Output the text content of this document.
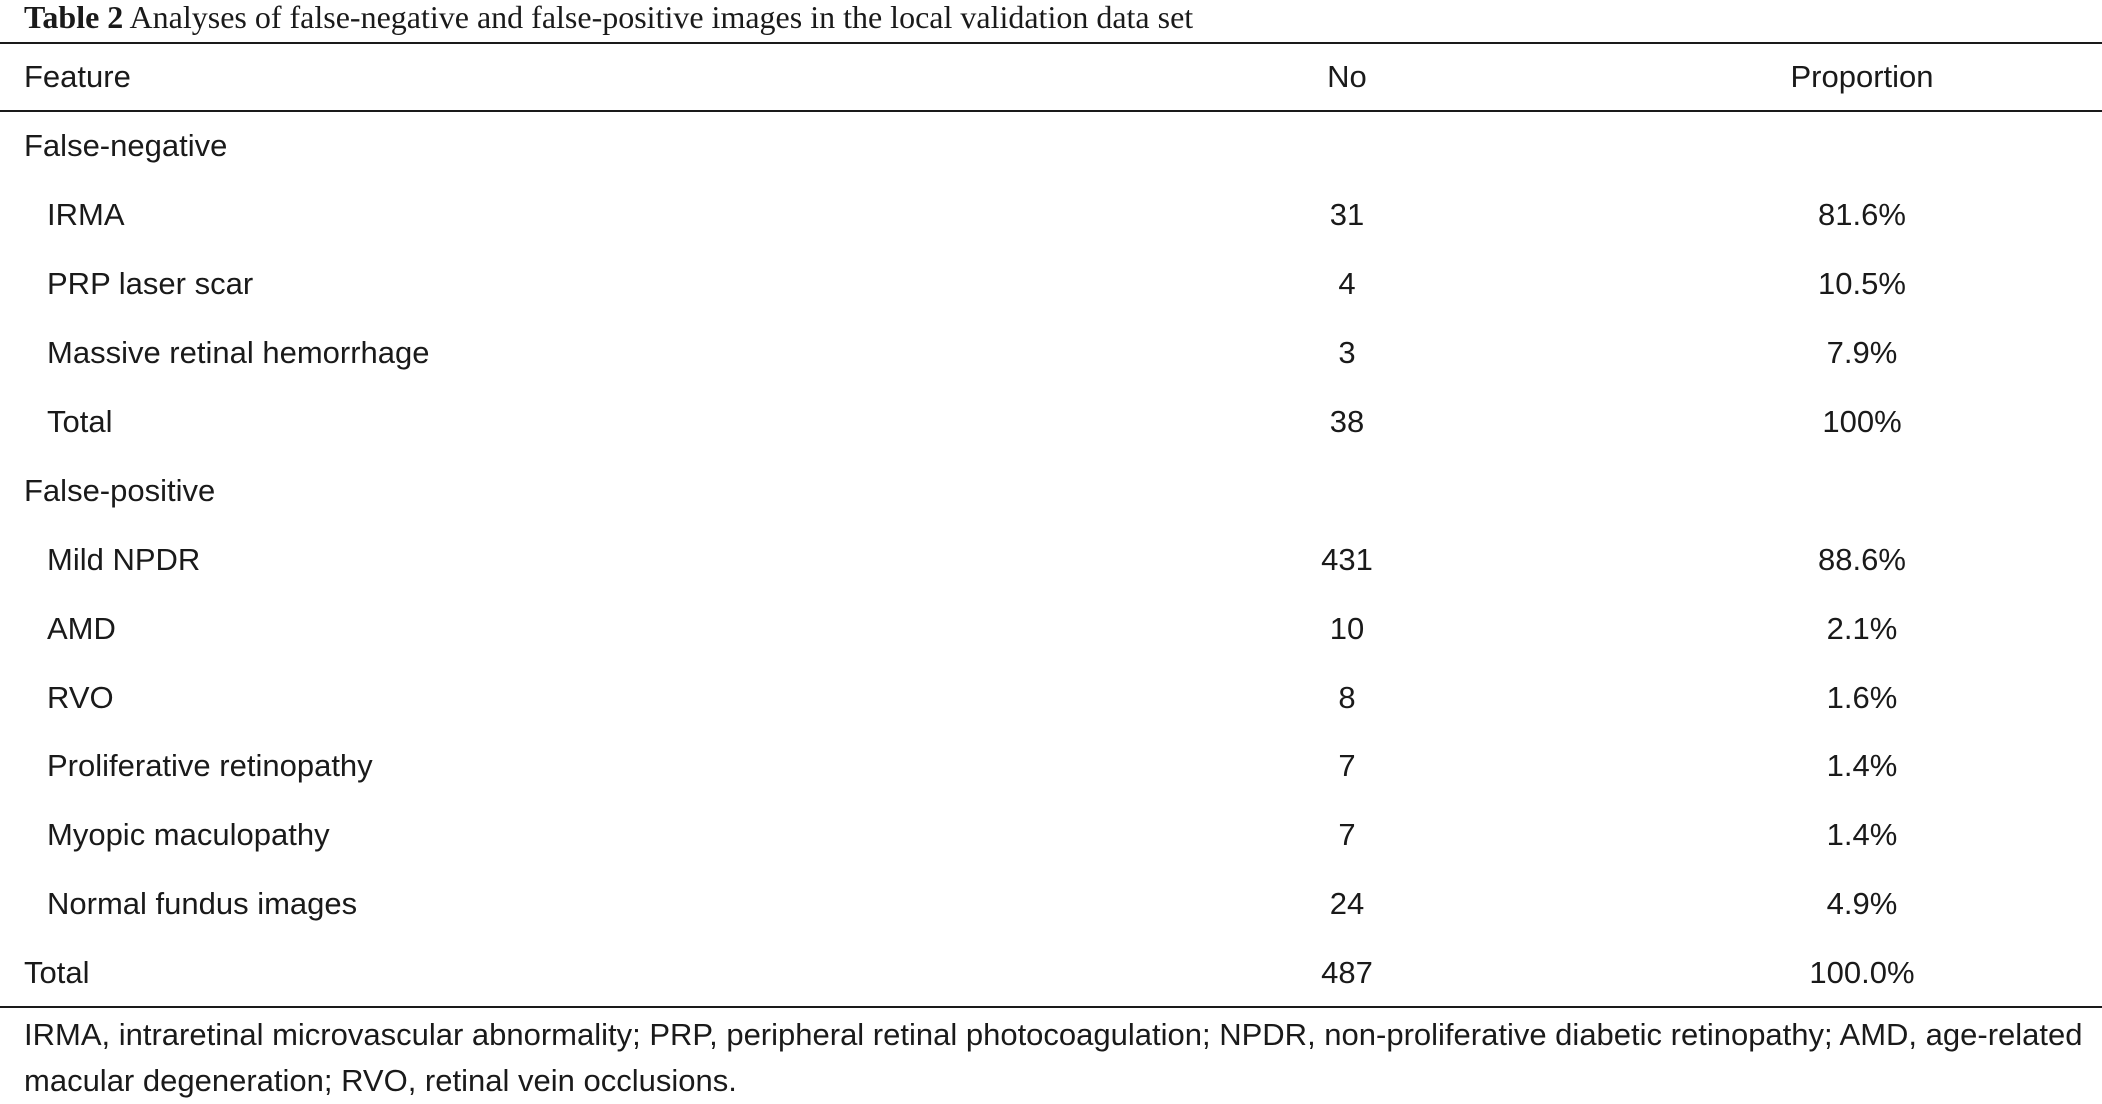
Table 2 Analyses of false-negative and false-positive images in the local validation data set
Feature	No	Proportion
False-negative
IRMA	31	81.6%
PRP laser scar	4	10.5%
Massive retinal hemorrhage	3	7.9%
Total	38	100%
False-positive
Mild NPDR	431	88.6%
AMD	10	2.1%
RVO	8	1.6%
Proliferative retinopathy	7	1.4%
Myopic maculopathy	7	1.4%
Normal fundus images	24	4.9%
Total	487	100.0%
IRMA, intraretinal microvascular abnormality; PRP, peripheral retinal photocoagulation; NPDR, non-proliferative diabetic retinopathy; AMD, age-related macular degeneration; RVO, retinal vein occlusions.
